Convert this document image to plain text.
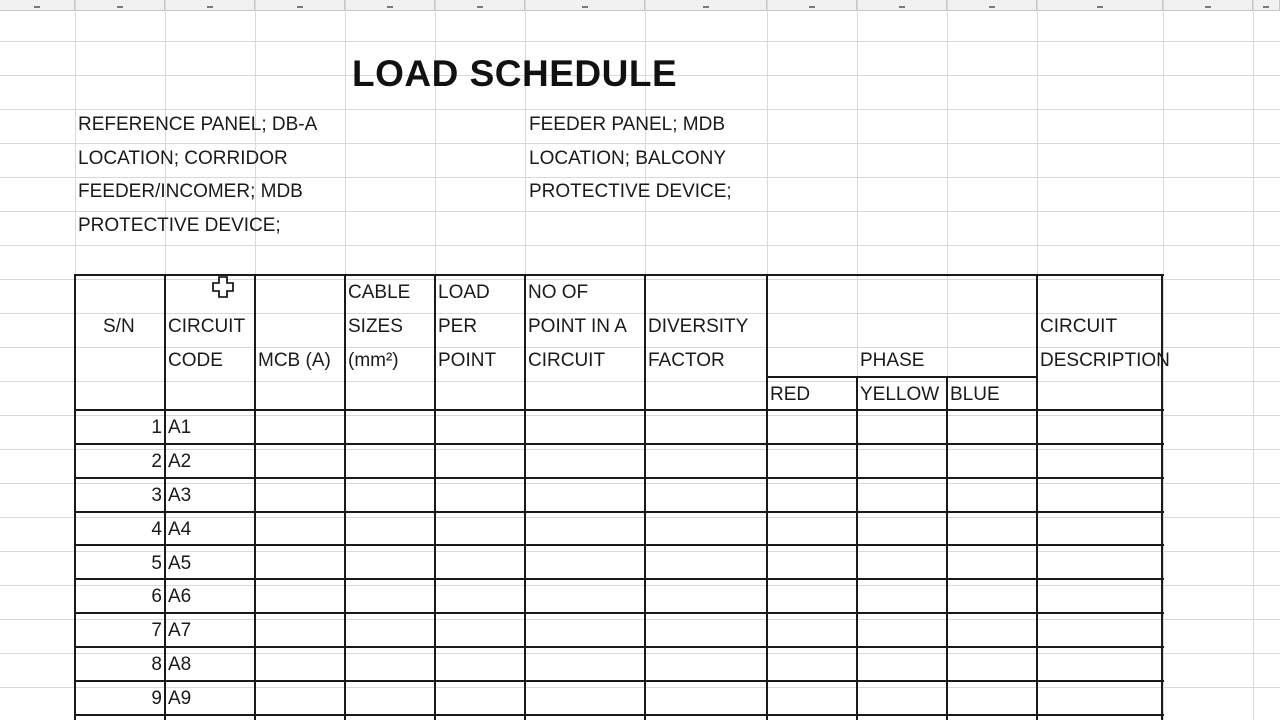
LOAD SCHEDULE
REFERENCE PANEL; DB-A
LOCATION; CORRIDOR
FEEDER/INCOMER; MDB
PROTECTIVE DEVICE;
FEEDER PANEL; MDB
LOCATION; BALCONY
PROTECTIVE DEVICE;
S/N CIRCUIT
CODE MCB (A)
CABLE
SIZES
(mm²)
LOAD
PER
POINT
NO OF
POINT IN A
CIRCUIT
DIVERSITY
FACTOR	PHASE
RED	YELLOW BLUE
CIRCUIT
DESCRIPTION
1 A1
2 A2
3 A3
4 A4
5 A5
6 A6
7 A7
8 A8
9 A9
